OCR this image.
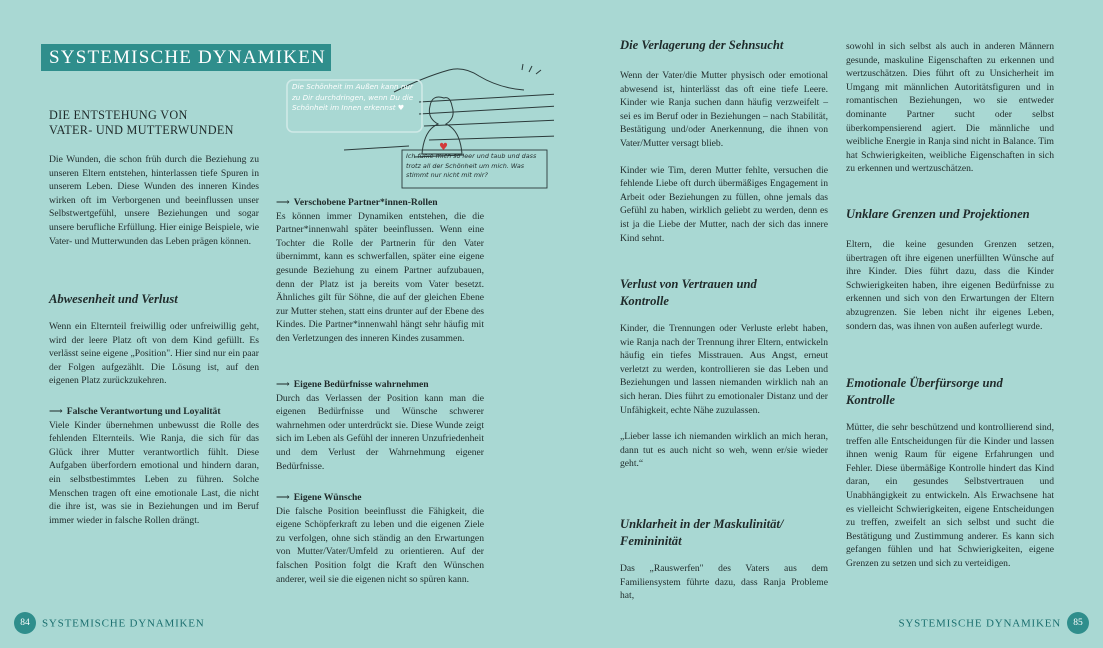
SYSTEMISCHE DYNAMIKEN
DIE ENTSTEHUNG VON
VATER- UND MUTTERWUNDEN

Die Wunden, die schon früh durch die Beziehung zu unseren Eltern entstehen, hinterlassen tiefe Spuren in unserem Leben. Diese Wunden des inneren Kindes wirken oft im Verborgenen und beeinflussen unser Selbstwertgefühl, unsere Beziehungen und sogar unsere berufliche Erfüllung. Hier einige Beispiele, wie Vater- und Mutterwunden das Leben prägen können.

Abwesenheit und Verlust

Wenn ein Elternteil freiwillig oder unfreiwillig geht, wird der leere Platz oft von dem Kind gefüllt. Es verlässt seine eigene „Position". Hier sind nur ein paar der Folgen aufgezählt. Die Lösung ist, auf den eigenen Platz zurückzukehren.

⟶ Falsche Verantwortung und Loyalität

Viele Kinder übernehmen unbewusst die Rolle des fehlenden Elternteils. Wie Ranja, die sich für das Glück ihrer Mutter verantwortlich fühlt. Diese Aufgaben überfordern emotional und hindern daran, ein selbstbestimmtes Leben zu führen. Solche Menschen tragen oft eine emotionale Last, die nicht die ihre ist, was sie in Beziehungen und im Beruf immer wieder in falsche Rollen drängt.

♥
Die Schönheit im Außen kann nur zu Dir durchdringen, wenn Du die Schönheit im Innen erkennst ♥
Ich fühle mich so leer und taub und dass trotz all der Schönheit um mich. Was stimmt nur nicht mit mir?

⟶ Verschobene Partner*innen-Rollen

Es können immer Dynamiken entstehen, die die Partner*innenwahl später beeinflussen. Wenn eine Tochter die Rolle der Partnerin für den Vater übernimmt, kann es schwerfallen, später eine eigene gesunde Beziehung zu einem Partner aufzubauen, denn der Platz ist ja bereits vom Vater besetzt. Ähnliches gilt für Söhne, die auf der gleichen Ebene zur Mutter stehen, statt eins drunter auf der Ebene des Kindes. Die Partner*innenwahl hängt sehr häufig mit den Verletzungen des inneren Kindes zusammen.

⟶ Eigene Bedürfnisse wahrnehmen

Durch das Verlassen der Position kann man die eigenen Bedürfnisse und Wünsche schwerer wahrnehmen oder unterdrückt sie. Diese Wunde zeigt sich im Leben als Gefühl der inneren Unzufriedenheit und dem Verlust der Wahrnehmung eigener Bedürfnisse.

⟶ Eigene Wünsche

Die falsche Position beeinflusst die Fähigkeit, die eigene Schöpferkraft zu leben und die eigenen Ziele zu verfolgen, ohne sich ständig an den Erwartungen von Mutter/Vater/Umfeld zu orientieren. Auf der falschen Position folgt die Kraft den Wünschen anderer, weil sie die eigenen nicht so spüren kann.

Die Verlagerung der Sehnsucht

Wenn der Vater/die Mutter physisch oder emotional abwesend ist, hinterlässt das oft eine tiefe Leere. Kinder wie Ranja suchen dann häufig verzweifelt – sei es im Beruf oder in Beziehungen – nach Stabilität, Bestätigung und/oder Anerkennung, die ihnen von Vater/Mutter versagt blieb.

Kinder wie Tim, deren Mutter fehlte, versuchen die fehlende Liebe oft durch übermäßiges Engagement in Arbeit oder Beziehungen zu füllen, ohne jemals das Gefühl zu haben, wirklich geliebt zu werden, denn es ist ja die Liebe der Mutter, nach der sich das innere Kind sehnt.

Verlust von Vertrauen und
Kontrolle

Kinder, die Trennungen oder Verluste erlebt haben, wie Ranja nach der Trennung ihrer Eltern, entwickeln häufig ein tiefes Misstrauen. Aus Angst, erneut verletzt zu werden, kontrollieren sie das Leben und Beziehungen und lassen niemanden wirklich nah an sich heran. Dies führt zu emotionaler Distanz und der Unfähigkeit, echte Nähe zuzulassen.

„Lieber lasse ich niemanden wirklich an mich heran, dann tut es auch nicht so weh, wenn er/sie wieder geht.“

Unklarheit in der Maskulinität/
Femininität

Das „Rauswerfen" des Vaters aus dem Familiensystem führte dazu, dass Ranja Probleme hat,

sowohl in sich selbst als auch in anderen Männern gesunde, maskuline Eigenschaften zu erkennen und wertzuschätzen. Dies führt oft zu Unsicherheit im Umgang mit männlichen Autoritätsfiguren und in romantischen Beziehungen, wo sie entweder dominante Partner sucht oder selbst überkompensierend agiert. Die männliche und weibliche Energie in Ranja sind nicht in Balance. Tim hat Schwierigkeiten, weibliche Eigenschaften in sich zu erkennen und wertzuschätzen.

Unklare Grenzen und Projektionen

Eltern, die keine gesunden Grenzen setzen, übertragen oft ihre eigenen unerfüllten Wünsche auf ihre Kinder. Dies führt dazu, dass die Kinder Schwierigkeiten haben, ihre eigenen Bedürfnisse zu erkennen und sich von den Erwartungen der Eltern abzugrenzen. Sie leben nicht ihr eigenes Leben, sondern das, was ihnen von außen auferlegt wurde.

Emotionale Überfürsorge und
Kontrolle

Mütter, die sehr beschützend und kontrollierend sind, treffen alle Entscheidungen für die Kinder und lassen ihnen wenig Raum für eigene Erfahrungen und Fehler. Diese übermäßige Kontrolle hindert das Kind daran, ein gesundes Selbstvertrauen und Unabhängigkeit zu entwickeln. Als Erwachsene hat es vielleicht Schwierigkeiten, eigene Entscheidungen zu treffen, zweifelt an sich selbst und sucht die Bestätigung und Zustimmung anderer. Es kann sich gefangen fühlen und hat Schwierigkeiten, eigene Grenzen zu setzen und sich zu verteidigen.

84 SYSTEMISCHE DYNAMIKEN	SYSTEMISCHE DYNAMIKEN 85
